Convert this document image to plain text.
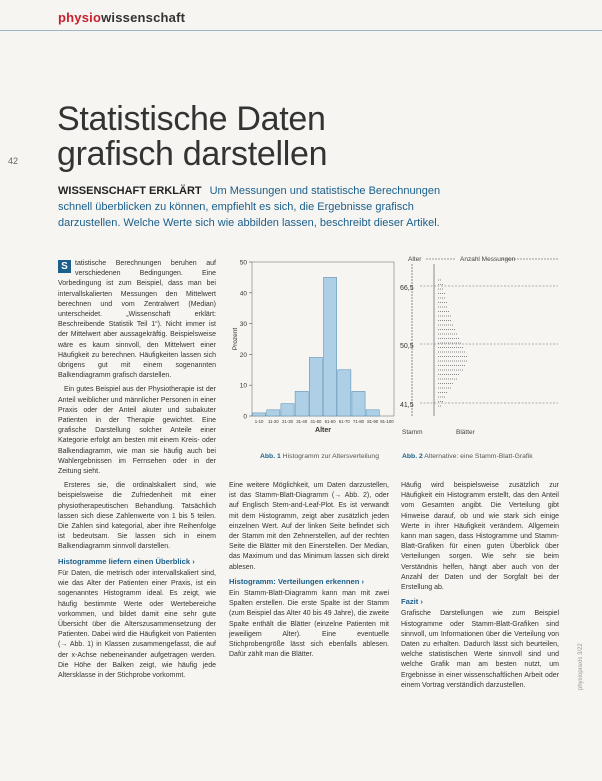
physiowissenschaft
42
Statistische Daten
grafisch darstellen
WISSENSCHAFT ERKLÄRT Um Messungen und statistische Berechnungen schnell überblicken zu können, empfiehlt es sich, die Ergebnisse grafisch darzustellen. Welche Werte sich wie abbilden lassen, beschreibt dieser Artikel.

S	tatistische Berechnungen beruhen auf verschiedenen Bedingungen. Eine Vorbedingung ist zum Beispiel, dass man bei intervallskalierten Messungen den Mittelwert berechnen und vom Zentralwert (Median) unterscheidet. „Wissenschaft erklärt: Beschreibende Statistik Teil 1“). Nicht immer ist der Mittelwert aber aussagekräftig. Beispielsweise wäre es kaum sinnvoll, den Mittelwert einer Häufigkeit zu berechnen. Häufigkeiten lassen sich übrigens gut mit einem sogenannten Balkendiagramm grafisch darstellen.

Ein gutes Beispiel aus der Physiotherapie ist der Anteil weiblicher und männlicher Personen in einer Praxis oder der Anteil akuter und subakuter Patienten in der Therapie gewichtet. Eine grafische Darstellung solcher Anteile einer Kategorie erfolgt am besten mit einem Kreis- oder Balkendiagramm, wie man sie häufig auch bei Wahlergebnissen im Fernsehen oder in der Zeitung sieht.

Ersteres sie, die ordinalskaliert sind, wie beispielsweise die Zufriedenheit mit einer physiotherapeutischen Behandlung. Tatsächlich lassen sich diese Zahlenwerte von 1 bis 5 teilen. Die Zahlen sind kategorial, aber ihre Reihenfolge ist bedeutsam. Sie lassen sich in einem Balkendiagramm sinnvoll darstellen.

Histogramme liefern einen Überblick ›

Für Daten, die metrisch oder intervallskaliert sind, wie das Alter der Patienten einer Praxis, ist ein sogenanntes Histogramm ideal. Es zeigt, wie häufig bestimmte Werte oder Wertebereiche vorkommen, und bildet damit eine sehr gute Übersicht über die Alterszusammensetzung der Patienten. Dabei wird die Häufigkeit von Patienten (→ Abb. 1) in Klassen zusammengefasst, die auf der x-Achse nebeneinander aufgetragen werden. Die Höhe der Balken zeigt, wie häufig jede Altersklasse in der Stichprobe vorkommt.

0
10
20
30
40
50
1-10 11-20 21-30 31-40 41-50 51-60 61-70 71-80 81-90 91-100
Prozent
Alter
Alter	Anzahl Messungen
66,5
50,5
41,5
Stamm	Blätter
Abb. 1 Histogramm zur Altersverteilung	Abb. 2 Alternative: eine Stamm-Blatt-Grafik

Eine weitere Möglichkeit, um Daten darzustellen, ist das Stamm-Blatt-Diagramm (→ Abb. 2), oder auf Englisch Stem-and-Leaf-Plot. Es ist verwandt mit dem Histogramm, zeigt aber zusätzlich jeden einzelnen Wert. Auf der linken Seite befindet sich der Stamm mit den Zehnerstellen, auf der rechten Seite die Blätter mit den Einerstellen. Der Median, das Maximum und das Minimum lassen sich direkt ablesen.

Histogramm: Verteilungen erkennen ›

Ein Stamm-Blatt-Diagramm kann man mit zwei Spalten erstellen. Die erste Spalte ist der Stamm (zum Beispiel das Alter 40 bis 49 Jahre), die zweite Spalte enthält die Blätter (einzelne Patienten mit jeweiligem Alter). Eine eventuelle Stichprobengröße lässt sich ebenfalls ablesen. Dafür zählt man die Blätter.

Häufig wird beispielsweise zusätzlich zur Häufigkeit ein Histogramm erstellt, das den Anteil vom Gesamten angibt. Die Verteilung gibt Hinweise darauf, ob und wie stark sich einige Werte in ihrer Häufigkeit verändern. Allgemein kann man sagen, dass Histogramme und Stamm-Blatt-Grafiken für einen guten Überblick über Verteilungen sorgen. Wie sehr sie beim Verständnis helfen, hängt aber auch von der Anzahl der Daten und der Sorgfalt bei der Erstellung ab.

Fazit ›

Grafische Darstellungen wie zum Beispiel Histogramme oder Stamm-Blatt-Grafiken sind sinnvoll, um Informationen über die Verteilung von Daten zu erhalten. Dadurch lässt sich beurteilen, welche statistischen Werte sinnvoll sind und welche Grafik man am besten nutzt, um Ergebnisse in einer wissenschaftlichen Arbeit oder einem Vortrag verständlich darzustellen.	physiopraxis 3/22
